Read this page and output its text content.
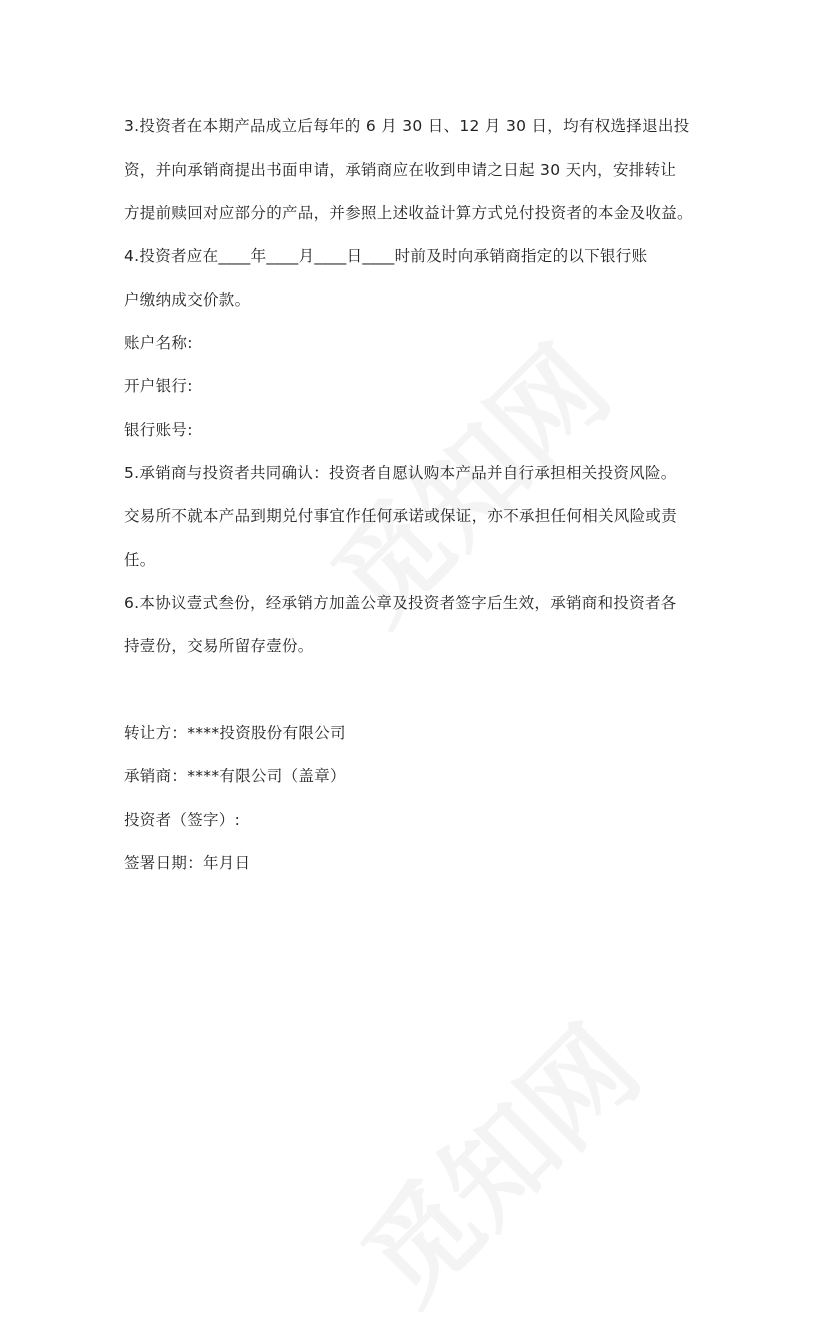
3.投资者在本期产品成立后每年的 6 月 30 日、12 月 30 日，均有权选择退出投
资，并向承销商提出书面申请，承销商应在收到申请之日起 30 天内，安排转让
方提前赎回对应部分的产品，并参照上述收益计算方式兑付投资者的本金及收益。
4.投资者应在____年____月____日____时前及时向承销商指定的以下银行账
户缴纳成交价款。
账户名称:
开户银行:
银行账号:
5.承销商与投资者共同确认：投资者自愿认购本产品并自行承担相关投资风险。
交易所不就本产品到期兑付事宜作任何承诺或保证，亦不承担任何相关风险或责
任。
6.本协议壹式叁份，经承销方加盖公章及投资者签字后生效，承销商和投资者各
持壹份，交易所留存壹份。
转让方：****投资股份有限公司
承销商：****有限公司（盖章）
投资者（签字）:
签署日期：年月日
